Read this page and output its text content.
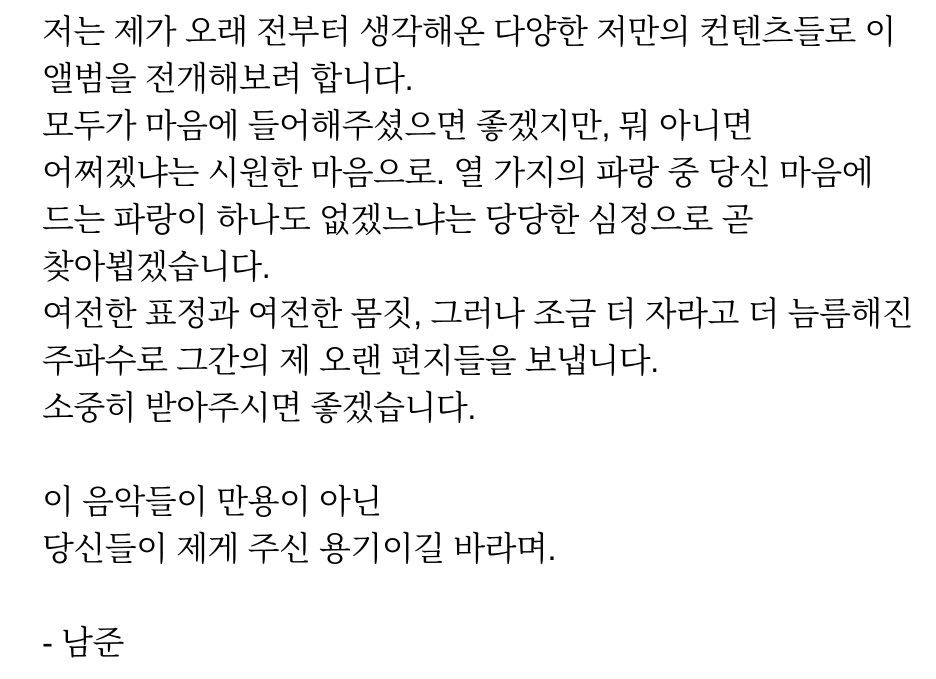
저는 제가 오래 전부터 생각해온 다양한 저만의 컨텐츠들로 이

앨범을 전개해보려 합니다.

모두가 마음에 들어해주셨으면 좋겠지만, 뭐 아니면

어쩌겠냐는 시원한 마음으로. 열 가지의 파랑 중 당신 마음에

드는 파랑이 하나도 없겠느냐는 당당한 심정으로 곧

찾아뵙겠습니다.

여전한 표정과 여전한 몸짓, 그러나 조금 더 자라고 더 늠름해진

주파수로 그간의 제 오랜 편지들을 보냅니다.

소중히 받아주시면 좋겠습니다.

이 음악들이 만용이 아닌

당신들이 제게 주신 용기이길 바라며.

- 남준
